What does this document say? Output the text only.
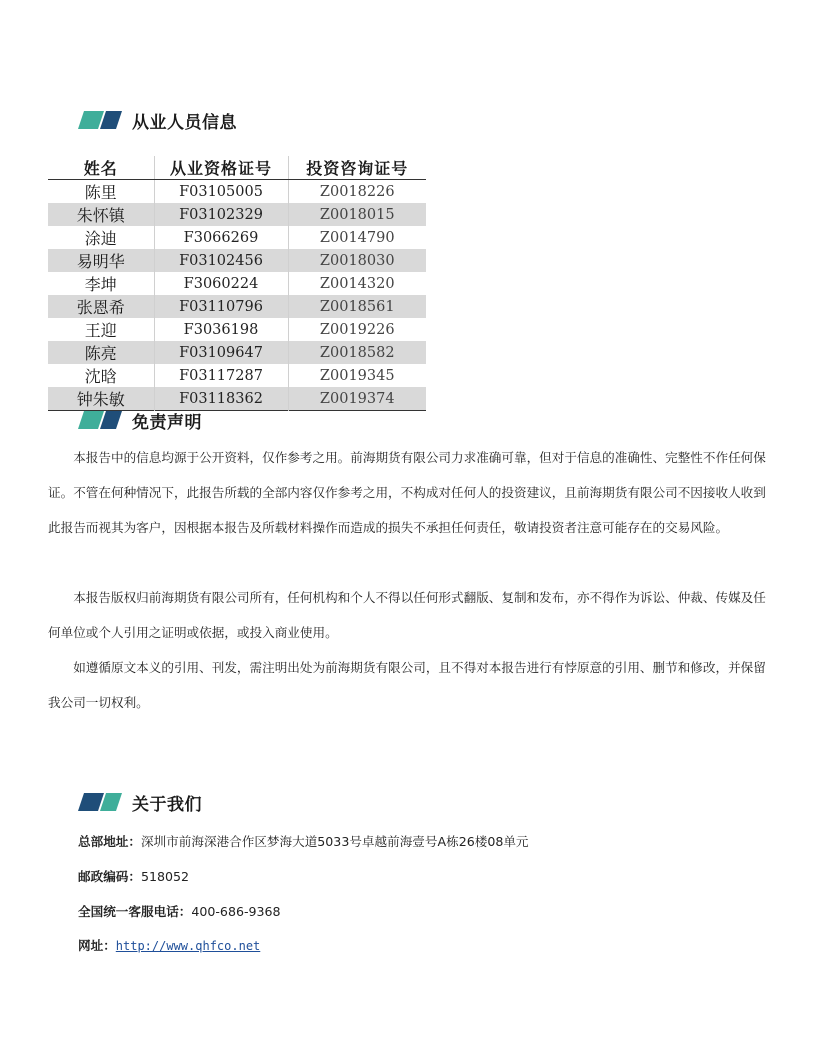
从业人员信息
姓名	从业资格证号	投资咨询证号
陈里	F03105005	Z0018226
朱怀镇	F03102329	Z0018015
涂迪	F3066269	Z0014790
易明华	F03102456	Z0018030
李坤	F3060224	Z0014320
张恩希	F03110796	Z0018561
王迎	F3036198	Z0019226
陈亮	F03109647	Z0018582
沈晗	F03117287	Z0019345
钟朱敏	F03118362	Z0019374
免责声明

本报告中的信息均源于公开资料，仅作参考之用。前海期货有限公司力求准确可靠，但对于信息的准确性、完整性不作任何保证。不管在何种情况下，此报告所载的全部内容仅作参考之用，不构成对任何人的投资建议，且前海期货有限公司不因接收人收到此报告而视其为客户，因根据本报告及所载材料操作而造成的损失不承担任何责任，敬请投资者注意可能存在的交易风险。

本报告版权归前海期货有限公司所有，任何机构和个人不得以任何形式翻版、复制和发布，亦不得作为诉讼、仲裁、传媒及任何单位或个人引用之证明或依据，或投入商业使用。

如遵循原文本义的引用、刊发，需注明出处为前海期货有限公司，且不得对本报告进行有悖原意的引用、删节和修改，并保留我公司一切权利。

关于我们
总部地址：深圳市前海深港合作区梦海大道5033号卓越前海壹号A栋26楼08单元
邮政编码：518052
全国统一客服电话：400-686-9368
网址：http://www.qhfco.net
